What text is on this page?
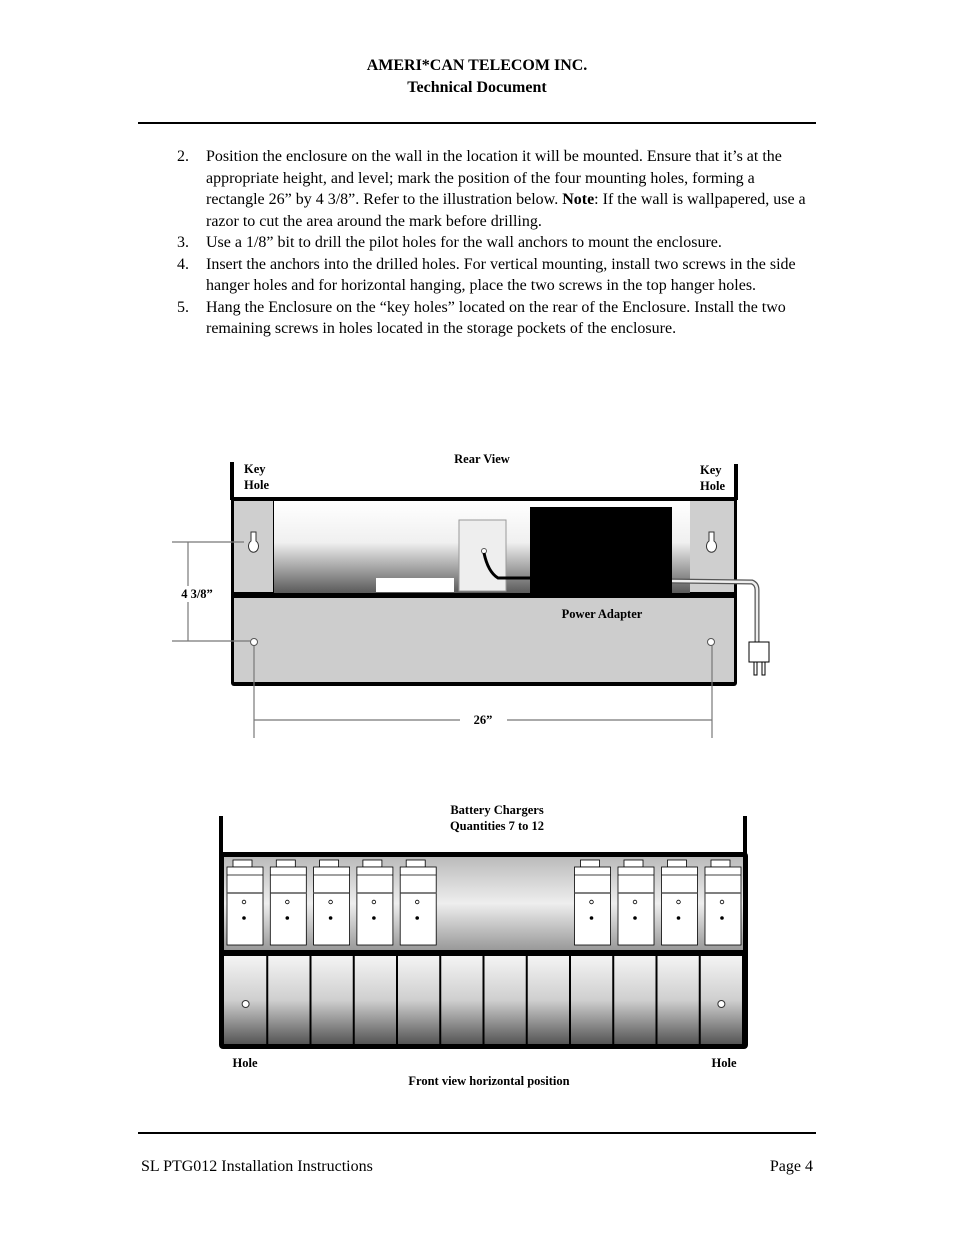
AMERI*CAN TELECOM INC.
Technical Document
2. Position the enclosure on the wall in the location it will be mounted. Ensure that it’s at the appropriate height, and level; mark the position of the four mounting holes, forming a rectangle 26” by 4 3/8”. Refer to the illustration below. Note: If the wall is wallpapered, use a razor to cut the area around the mark before drilling.
3. Use a 1/8” bit to drill the pilot holes for the wall anchors to mount the enclosure.
4. Insert the anchors into the drilled holes. For vertical mounting, install two screws in the side hanger holes and for horizontal hanging, place the two screws in the top hanger holes.
5. Hang the Enclosure on the “key holes” located on the rear of the Enclosure. Install the two remaining screws in holes located in the storage pockets of the enclosure.
Rear View
Key
Hole
Key
Hole
Power Adapter
4 3/8”
26”
Battery Chargers
Quantities 7 to 12
Hole	Hole
Front view horizontal position
SL PTG012 Installation Instructions	Page 4
